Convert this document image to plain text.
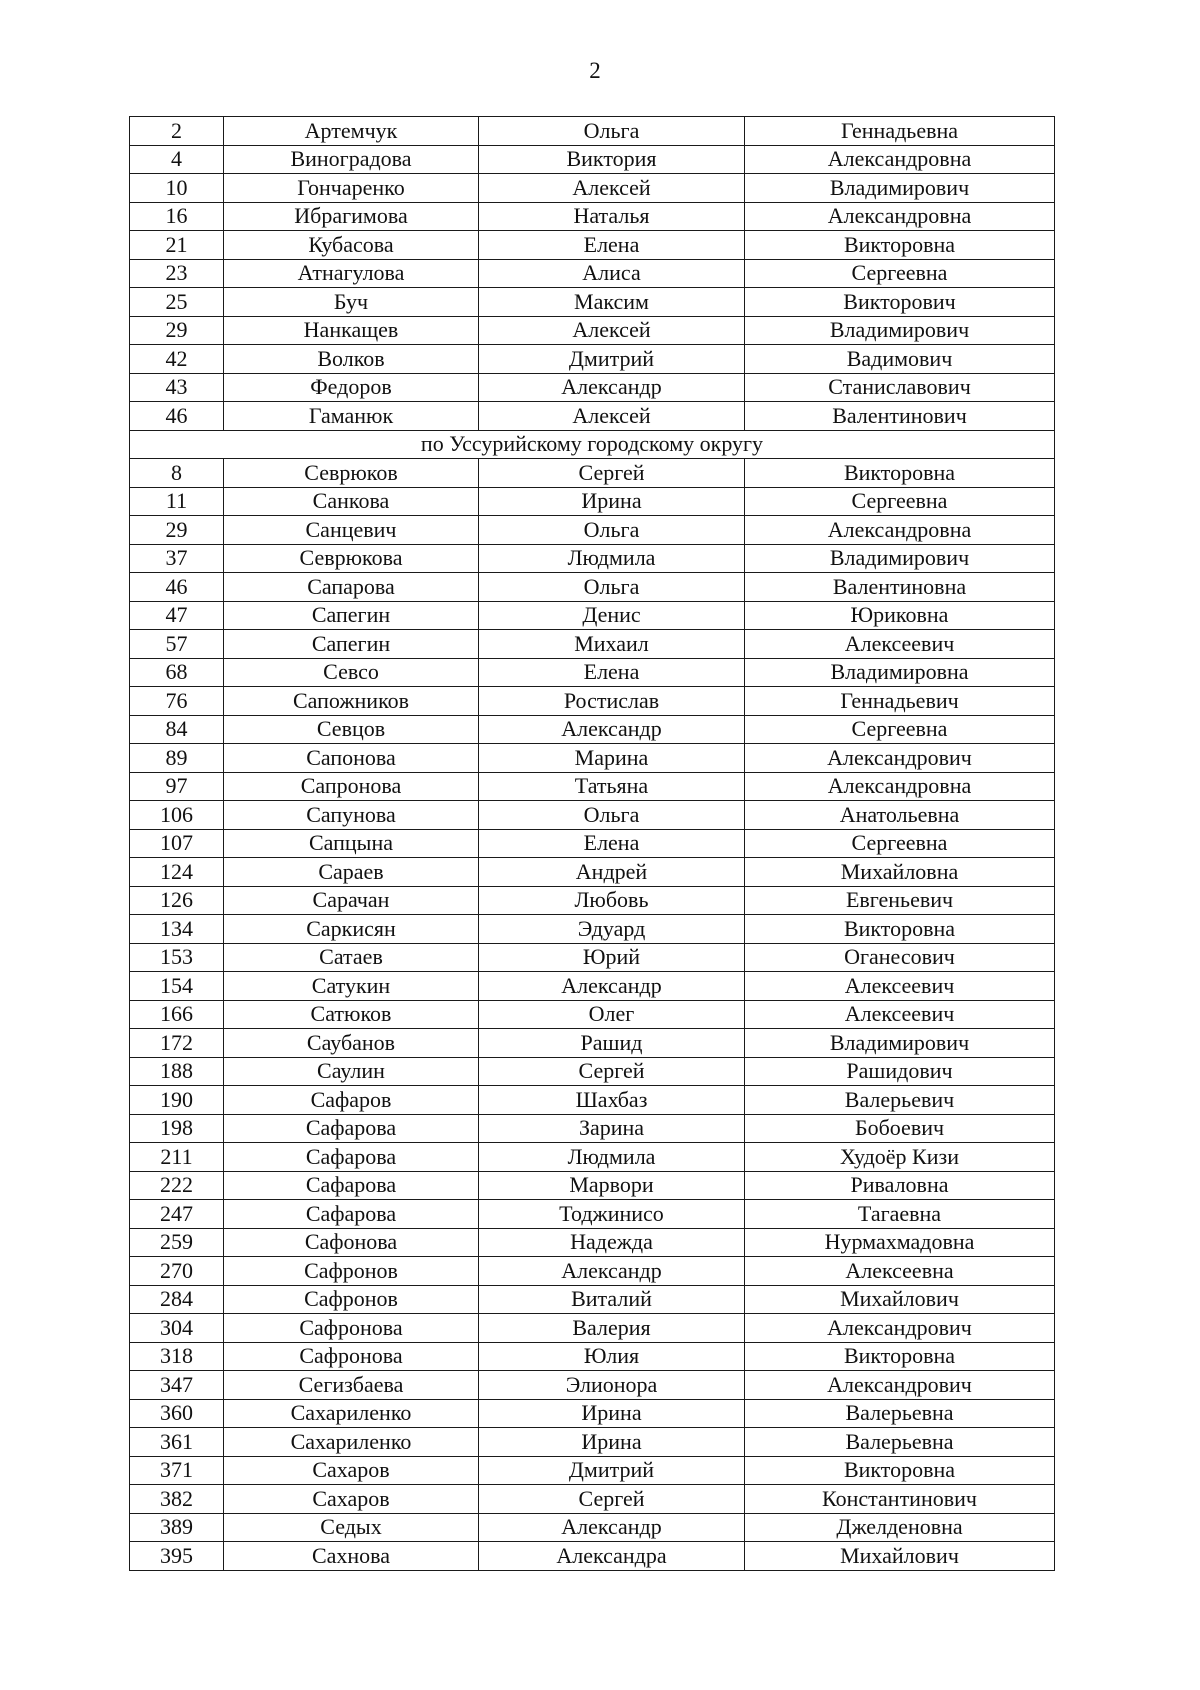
2
2	Артемчук	Ольга	Геннадьевна
4	Виноградова	Виктория	Александровна
10	Гончаренко	Алексей	Владимирович
16	Ибрагимова	Наталья	Александровна
21	Кубасова	Елена	Викторовна
23	Атнагулова	Алиса	Сергеевна
25	Буч	Максим	Викторович
29	Нанкащев	Алексей	Владимирович
42	Волков	Дмитрий	Вадимович
43	Федоров	Александр	Станиславович
46	Гаманюк	Алексей	Валентинович
по Уссурийскому городскому округу			
8	Севрюков	Сергей	Викторовна
11	Санкова	Ирина	Сергеевна
29	Санцевич	Ольга	Александровна
37	Севрюкова	Людмила	Владимирович
46	Сапарова	Ольга	Валентиновна
47	Сапегин	Денис	Юриковна
57	Сапегин	Михаил	Алексеевич
68	Севсо	Елена	Владимировна
76	Сапожников	Ростислав	Геннадьевич
84	Севцов	Александр	Сергеевна
89	Сапонова	Марина	Александрович
97	Сапронова	Татьяна	Александровна
106	Сапунова	Ольга	Анатольевна
107	Сапцына	Елена	Сергеевна
124	Сараев	Андрей	Михайловна
126	Сарачан	Любовь	Евгеньевич
134	Саркисян	Эдуард	Викторовна
153	Сатаев	Юрий	Оганесович
154	Сатукин	Александр	Алексеевич
166	Сатюков	Олег	Алексеевич
172	Саубанов	Рашид	Владимирович
188	Саулин	Сергей	Рашидович
190	Сафаров	Шахбаз	Валерьевич
198	Сафарова	Зарина	Бобоевич
211	Сафарова	Людмила	Худоёр Кизи
222	Сафарова	Марвори	Риваловна
247	Сафарова	Тоджинисо	Тагаевна
259	Сафонова	Надежда	Нурмахмадовна
270	Сафронов	Александр	Алексеевна
284	Сафронов	Виталий	Михайлович
304	Сафронова	Валерия	Александрович
318	Сафронова	Юлия	Викторовна
347	Сегизбаева	Элионора	Александрович
360	Сахариленко	Ирина	Валерьевна
361	Сахариленко	Ирина	Валерьевна
371	Сахаров	Дмитрий	Викторовна
382	Сахаров	Сергей	Константинович
389	Седых	Александр	Джелденовна
395	Сахнова	Александра	Михайлович
